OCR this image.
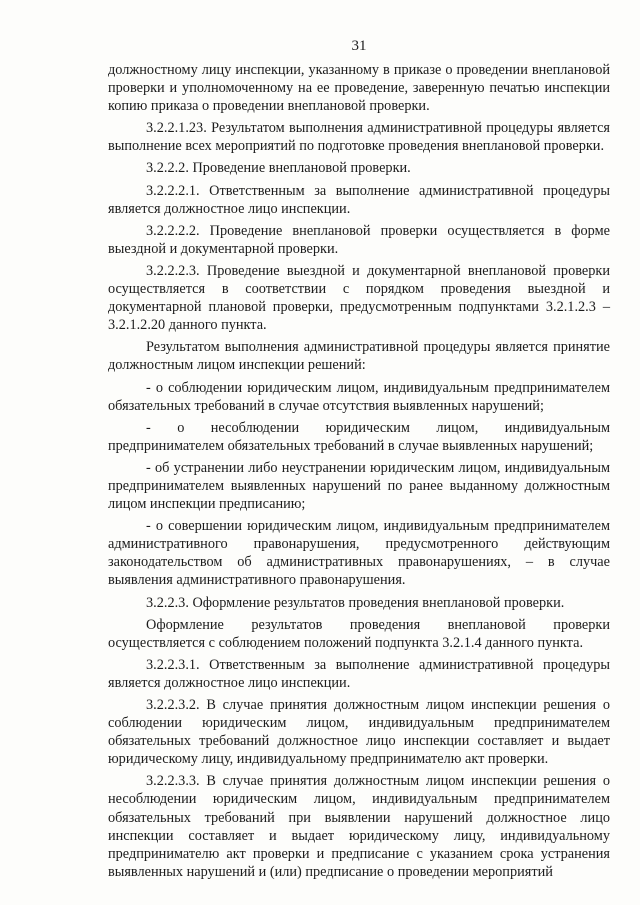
31

должностному лицу инспекции, указанному в приказе о проведении внеплановой проверки и уполномоченному на ее проведение, заверенную печатью инспекции копию приказа о проведении внеплановой проверки.

3.2.2.1.23. Результатом выполнения административной процедуры является выполнение всех мероприятий по подготовке проведения внеплановой проверки.

3.2.2.2. Проведение внеплановой проверки.

3.2.2.2.1. Ответственным за выполнение административной процедуры является должностное лицо инспекции.

3.2.2.2.2. Проведение внеплановой проверки осуществляется в форме выездной и документарной проверки.

3.2.2.2.3. Проведение выездной и документарной внеплановой проверки осуществляется в соответствии с порядком проведения выездной и документарной плановой проверки, предусмотренным подпунктами 3.2.1.2.3 – 3.2.1.2.20 данного пункта.

Результатом выполнения административной процедуры является принятие должностным лицом инспекции решений:

- о соблюдении юридическим лицом, индивидуальным предпринимателем обязательных требований в случае отсутствия выявленных нарушений;

- о несоблюдении юридическим лицом, индивидуальным предпринимателем обязательных требований в случае выявленных нарушений;

- об устранении либо неустранении юридическим лицом, индивидуальным предпринимателем выявленных нарушений по ранее выданному должностным лицом инспекции предписанию;

- о совершении юридическим лицом, индивидуальным предпринимателем административного правонарушения, предусмотренного действующим законодательством об административных правонарушениях, – в случае выявления административного правонарушения.

3.2.2.3. Оформление результатов проведения внеплановой проверки.

Оформление результатов проведения внеплановой проверки осуществляется с соблюдением положений подпункта 3.2.1.4 данного пункта.

3.2.2.3.1. Ответственным за выполнение административной процедуры является должностное лицо инспекции.

3.2.2.3.2. В случае принятия должностным лицом инспекции решения о соблюдении юридическим лицом, индивидуальным предпринимателем обязательных требований должностное лицо инспекции составляет и выдает юридическому лицу, индивидуальному предпринимателю акт проверки.

3.2.2.3.3. В случае принятия должностным лицом инспекции решения о несоблюдении юридическим лицом, индивидуальным предпринимателем обязательных требований при выявлении нарушений должностное лицо инспекции составляет и выдает юридическому лицу, индивидуальному предпринимателю акт проверки и предписание с указанием срока устранения выявленных нарушений и (или) предписание о проведении мероприятий
